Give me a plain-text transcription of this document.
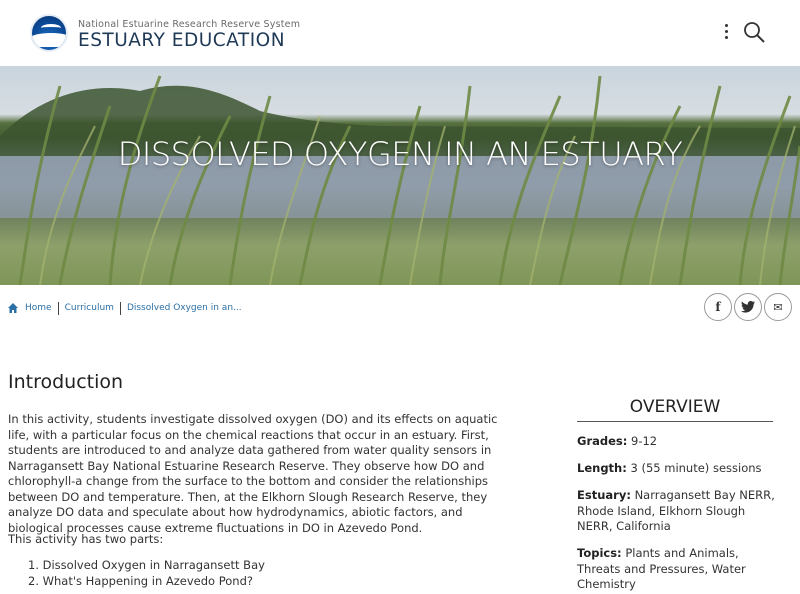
National Estuarine Research Reserve System
ESTUARY EDUCATION
DISSOLVED OXYGEN IN AN ESTUARY
Home Curriculum Dissolved Oxygen in an...	f	✉
Introduction

In this activity, students investigate dissolved oxygen (DO) and its effects on aquatic life, with a particular focus on the chemical reactions that occur in an estuary. First, students are introduced to and analyze data gathered from water quality sensors in Narragansett Bay National Estuarine Research Reserve. They observe how DO and chlorophyll-a change from the surface to the bottom and consider the relationships between DO and temperature. Then, at the Elkhorn Slough Research Reserve, they analyze DO data and speculate about how hydrodynamics, abiotic factors, and biological processes cause extreme fluctuations in DO in Azevedo Pond.

This activity has two parts:

1. Dissolved Oxygen in Narragansett Bay
2. What's Happening in Azevedo Pond?
OVERVIEW
Grades: 9-12
Length: 3 (55 minute) sessions
Estuary: Narragansett Bay NERR, Rhode Island, Elkhorn Slough NERR, California
Topics: Plants and Animals, Threats and Pressures, Water Chemistry
